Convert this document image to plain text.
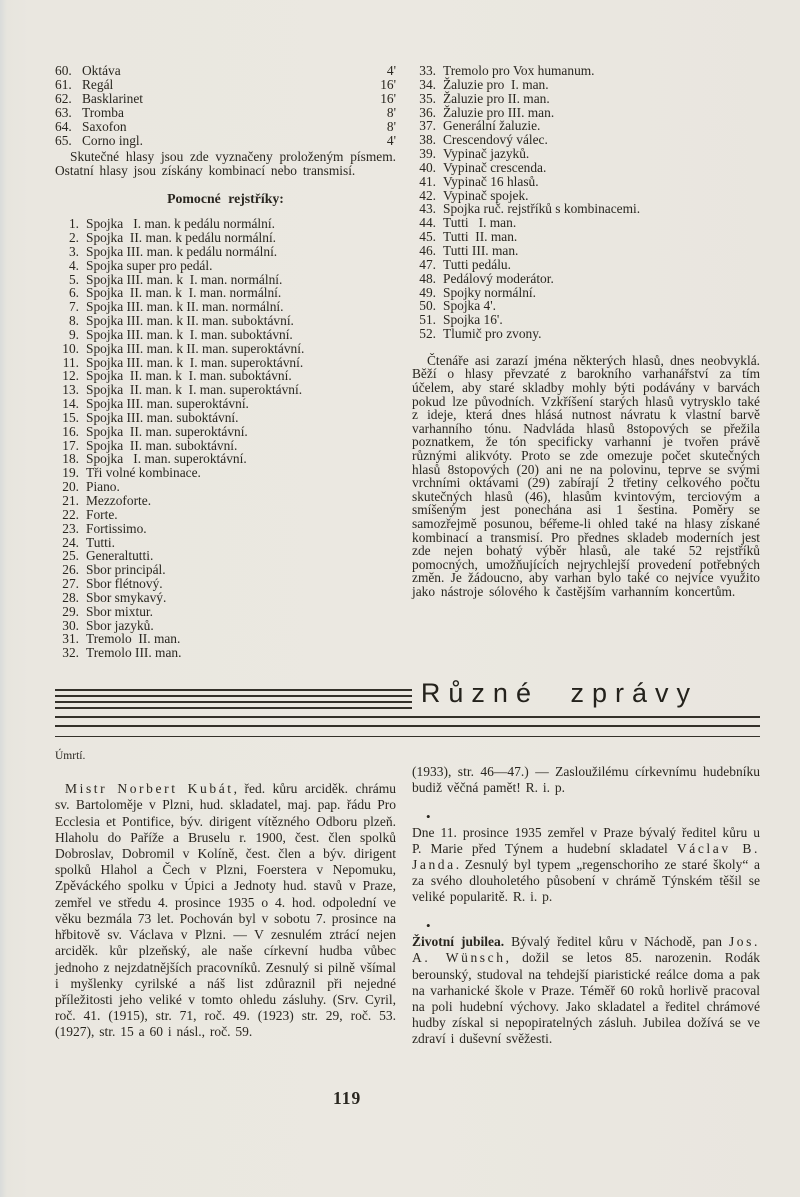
60. Oktáva	4'
61. Regál	16'
62. Basklarinet	16'
63. Tromba	8'
64. Saxofon	8'
65. Corno ingl.	4'

Skutečné hlasy jsou zde vyznačeny proloženým písmem. Ostatní hlasy jsou získány kombinací nebo transmisí.

Pomocné rejstříky:
1. Spojka   I. man. k pedálu normální.
2. Spojka  II. man. k pedálu normální.
3. Spojka III. man. k pedálu normální.
4. Spojka super pro pedál.
5. Spojka III. man. k  I. man. normální.
6. Spojka  II. man. k  I. man. normální.
7. Spojka III. man. k II. man. normální.
8. Spojka III. man. k II. man. suboktávní.
9. Spojka III. man. k  I. man. suboktávní.
10. Spojka III. man. k II. man. superoktávní.
11. Spojka III. man. k  I. man. superoktávní.
12. Spojka  II. man. k  I. man. suboktávní.
13. Spojka  II. man. k  I. man. superoktávní.
14. Spojka III. man. superoktávní.
15. Spojka III. man. suboktávní.
16. Spojka  II. man. superoktávní.
17. Spojka  II. man. suboktávní.
18. Spojka   I. man. superoktávní.
19. Tři volné kombinace.
20. Piano.
21. Mezzoforte.
22. Forte.
23. Fortissimo.
24. Tutti.
25. Generaltutti.
26. Sbor principál.
27. Sbor flétnový.
28. Sbor smykavý.
29. Sbor mixtur.
30. Sbor jazyků.
31. Tremolo  II. man.
32. Tremolo III. man.
33. Tremolo pro Vox humanum.
34. Žaluzie pro  I. man.
35. Žaluzie pro II. man.
36. Žaluzie pro III. man.
37. Generální žaluzie.
38. Crescendový válec.
39. Vypinač jazyků.
40. Vypinač crescenda.
41. Vypinač 16 hlasů.
42. Vypinač spojek.
43. Spojka ruč. rejstříků s kombinacemi.
44. Tutti   I. man.
45. Tutti  II. man.
46. Tutti III. man.
47. Tutti pedálu.
48. Pedálový moderátor.
49. Spojky normální.
50. Spojka 4'.
51. Spojka 16'.
52. Tlumič pro zvony.

Čtenáře asi zarazí jména některých hlasů, dnes neobvyklá. Běží o hlasy převzaté z barokního varhanářství za tím účelem, aby staré skladby mohly býti podávány v barvách pokud lze původních. Vzkříšení starých hlasů vytrysklo také z ideje, která dnes hlásá nutnost návratu k vlastní barvě varhanního tónu. Nadvláda hlasů 8stopových se přežila poznatkem, že tón specificky varhanní je tvořen právě různými alikvóty. Proto se zde omezuje počet skutečných hlasů 8stopových (20) ani ne na polovinu, teprve se svými vrchními oktávami (29) zabírají 2 třetiny celkového počtu skutečných hlasů (46), hlasům kvintovým, terciovým a smíšeným jest ponechána asi 1 šestina. Poměry se samozřejmě posunou, béřeme-li ohled také na hlasy získané kombinací a transmisí. Pro přednes skladeb moderních jest zde nejen bohatý výběr hlasů, ale také 52 rejstříků pomocných, umožňujících nejrychlejší provedení potřebných změn. Je žádoucno, aby varhan bylo také co nejvíce využito jako nástroje sólového k častějším varhanním koncertům.

Různé zprávy
Úmrtí.

Mistr Norbert Kubát, řed. kůru arciděk. chrámu sv. Bartoloměje v Plzni, hud. skladatel, maj. pap. řádu Pro Ecclesia et Pontifice, býv. dirigent vítězného Odboru plzeň. Hlaholu do Paříže a Bruselu r. 1900, čest. člen spolků Dobroslav, Dobromil v Kolíně, čest. člen a býv. dirigent spolků Hlahol a Čech v Plzni, Foerstera v Nepomuku, Zpěváckého spolku v Úpici a Jednoty hud. stavů v Praze, zemřel ve středu 4. prosince 1935 o 4. hod. odpolední ve věku bezmála 73 let. Pochován byl v sobotu 7. prosince na hřbitově sv. Václava v Plzni. — V zesnulém ztrácí nejen arciděk. kůr plzeňský, ale naše církevní hudba vůbec jednoho z nejzdatnějších pracovníků. Zesnulý si pilně všímal i myšlenky cyrilské a náš list zdůraznil při nejedné příležitosti jeho veliké v tomto ohledu zásluhy. (Srv. Cyril, roč. 41. (1915), str. 71, roč. 49. (1923) str. 29, roč. 53. (1927), str. 15 a 60 i násl., roč. 59.

(1933), str. 46—47.) — Zasloužilému církevnímu hudebníku budiž věčná pamět! R. i. p.

•

Dne 11. prosince 1935 zemřel v Praze bývalý ředitel kůru u P. Marie před Týnem a hudební skladatel Václav B. Janda. Zesnulý byl typem „regenschoriho ze staré školy“ a za svého dlouholetého působení v chrámě Týnském těšil se veliké popularitě. R. i. p.

•

Životní jubilea. Bývalý ředitel kůru v Náchodě, pan Jos. A. Wünsch, dožil se letos 85. narozenin. Rodák berounský, studoval na tehdejší piaristické reálce doma a pak na varhanické škole v Praze. Téměř 60 roků horlivě pracoval na poli hudební výchovy. Jako skladatel a ředitel chrámové hudby získal si nepopiratelných zásluh. Jubilea dožívá se ve zdraví i duševní svěžesti.

119
